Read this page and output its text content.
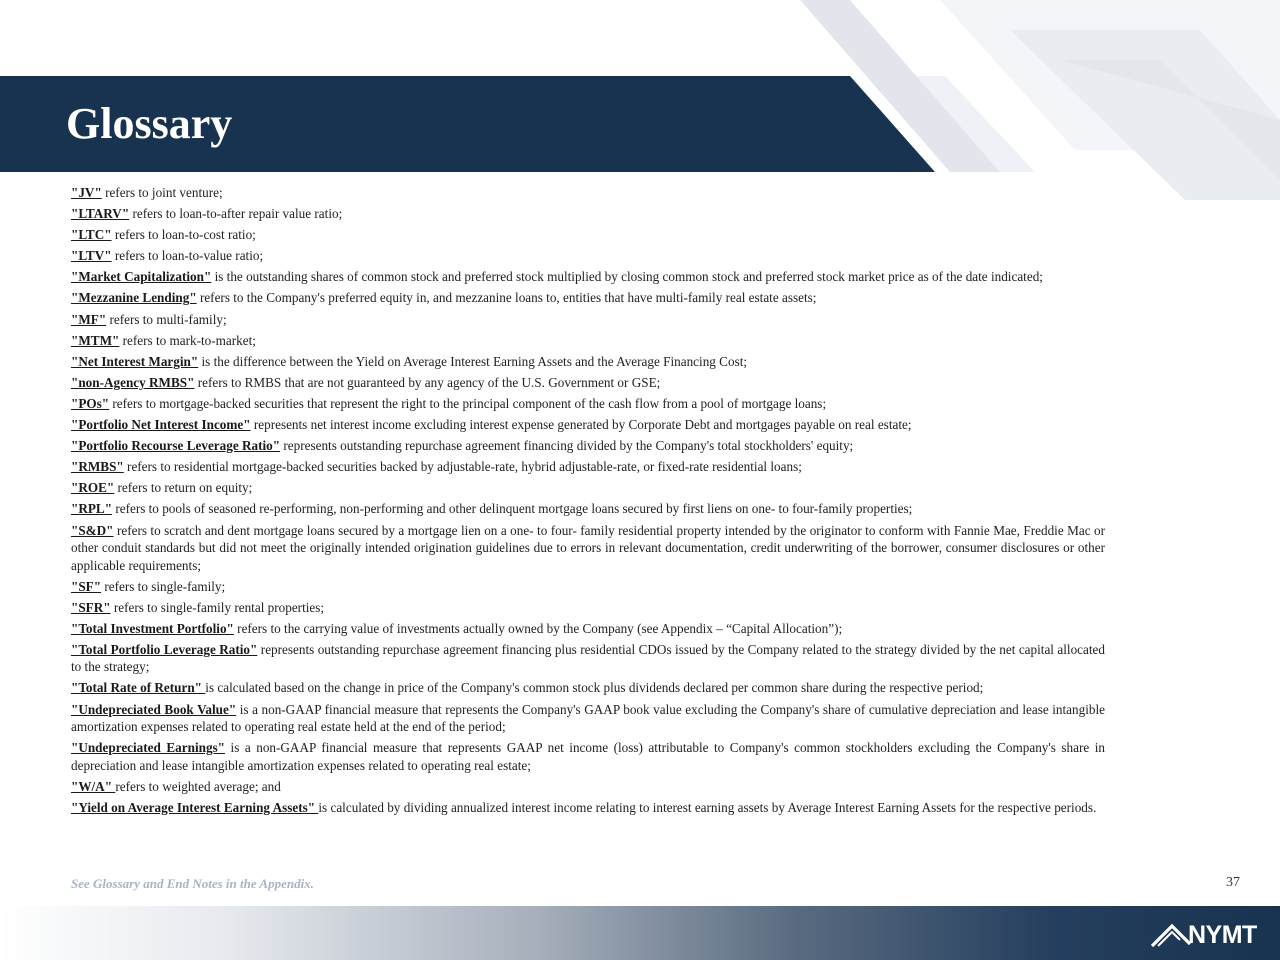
Glossary

"JV" refers to joint venture;

"LTARV" refers to loan-to-after repair value ratio;

"LTC" refers to loan-to-cost ratio;

"LTV" refers to loan-to-value ratio;

"Market Capitalization" is the outstanding shares of common stock and preferred stock multiplied by closing common stock and preferred stock market price as of the date indicated;

"Mezzanine Lending" refers to the Company's preferred equity in, and mezzanine loans to, entities that have multi-family real estate assets;

"MF" refers to multi-family;

"MTM" refers to mark-to-market;

"Net Interest Margin" is the difference between the Yield on Average Interest Earning Assets and the Average Financing Cost;

"non-Agency RMBS" refers to RMBS that are not guaranteed by any agency of the U.S. Government or GSE;

"POs" refers to mortgage-backed securities that represent the right to the principal component of the cash flow from a pool of mortgage loans;

"Portfolio Net Interest Income" represents net interest income excluding interest expense generated by Corporate Debt and mortgages payable on real estate;

"Portfolio Recourse Leverage Ratio" represents outstanding repurchase agreement financing divided by the Company's total stockholders' equity;

"RMBS" refers to residential mortgage-backed securities backed by adjustable-rate, hybrid adjustable-rate, or fixed-rate residential loans;

"ROE" refers to return on equity;

"RPL" refers to pools of seasoned re-performing, non-performing and other delinquent mortgage loans secured by first liens on one- to four-family properties;

"S&D" refers to scratch and dent mortgage loans secured by a mortgage lien on a one- to four- family residential property intended by the originator to conform with Fannie Mae, Freddie Mac or other conduit standards but did not meet the originally intended origination guidelines due to errors in relevant documentation, credit underwriting of the borrower, consumer disclosures or other applicable requirements;

"SF" refers to single-family;

"SFR" refers to single-family rental properties;

"Total Investment Portfolio" refers to the carrying value of investments actually owned by the Company (see Appendix – “Capital Allocation”);

"Total Portfolio Leverage Ratio" represents outstanding repurchase agreement financing plus residential CDOs issued by the Company related to the strategy divided by the net capital allocated to the strategy;

"Total Rate of Return" is calculated based on the change in price of the Company's common stock plus dividends declared per common share during the respective period;

"Undepreciated Book Value" is a non-GAAP financial measure that represents the Company's GAAP book value excluding the Company's share of cumulative depreciation and lease intangible amortization expenses related to operating real estate held at the end of the period;

"Undepreciated Earnings" is a non-GAAP financial measure that represents GAAP net income (loss) attributable to Company's common stockholders excluding the Company's share in depreciation and lease intangible amortization expenses related to operating real estate;

"W/A" refers to weighted average; and

"Yield on Average Interest Earning Assets" is calculated by dividing annualized interest income relating to interest earning assets by Average Interest Earning Assets for the respective periods.

See Glossary and End Notes in the Appendix.	37
NYMT
